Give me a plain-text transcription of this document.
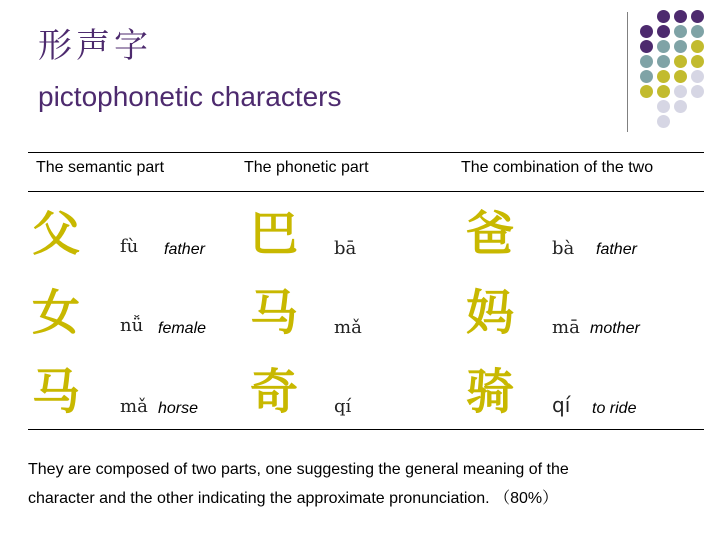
形声字
pictophonetic characters
The semantic part	The phonetic part	The combination of the two
父 fù father 巴 bā 爸 bà father
女 nǚ female 马 mǎ 妈 mā mother
马 mǎ horse 奇 qí 骑 qí to ride
They are composed of two parts, one suggesting the general meaning of the
character and the other indicating the approximate pronunciation. （80%）
